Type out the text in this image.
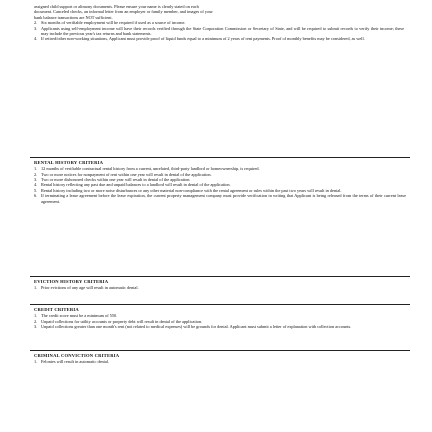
assigned child support or alimony documents. Please ensure your name is clearly stated on each
document. Canceled checks, an informal letter from an employer or family member, and images of your
bank balance transactions are NOT sufficient.
2. Six months of verifiable employment will be required if used as a source of income.
3. Applicants using self-employment income will have their records verified through the State Corporation Commission or Secretary of State, and will be required to submit records to verify their income; these may include the previous year's tax returns and bank statements.
4. If retired/other non-working situations, Applicant must provide proof of liquid funds equal to a minimum of 2 years of rent payments. Proof of monthly benefits may be considered, as well.
RENTAL HISTORY CRITERIA
1. 12 months of verifiable contractual rental history from a current, unrelated, third-party landlord or homeownership, is required.
2. Two or more notices for nonpayment of rent within one year will result in denial of the application.
3. Two or more dishonored checks within one year will result in denial of the application.
4. Rental history reflecting any past due and unpaid balances to a landlord will result in denial of the application.
5. Rental history including two or more noise disturbances or any other material non-compliance with the rental agreement or rules within the past two years will result in denial.
6. If terminating a lease agreement before the lease expiration, the current property management company must provide verification in writing that Applicant is being released from the terms of their current lease agreement.
EVICTION HISTORY CRITERIA
1. Prior evictions of any age will result in automatic denial.
CREDIT CRITERIA
1. The credit score must be a minimum of 550.
2. Unpaid collections for utility accounts or property debt will result in denial of the application.
3. Unpaid collections greater than one month's rent (not related to medical expenses) will be grounds for denial. Applicant must submit a letter of explanation with collection accounts.
CRIMINAL CONVICTION CRITERIA
1. Felonies will result in automatic denial.
